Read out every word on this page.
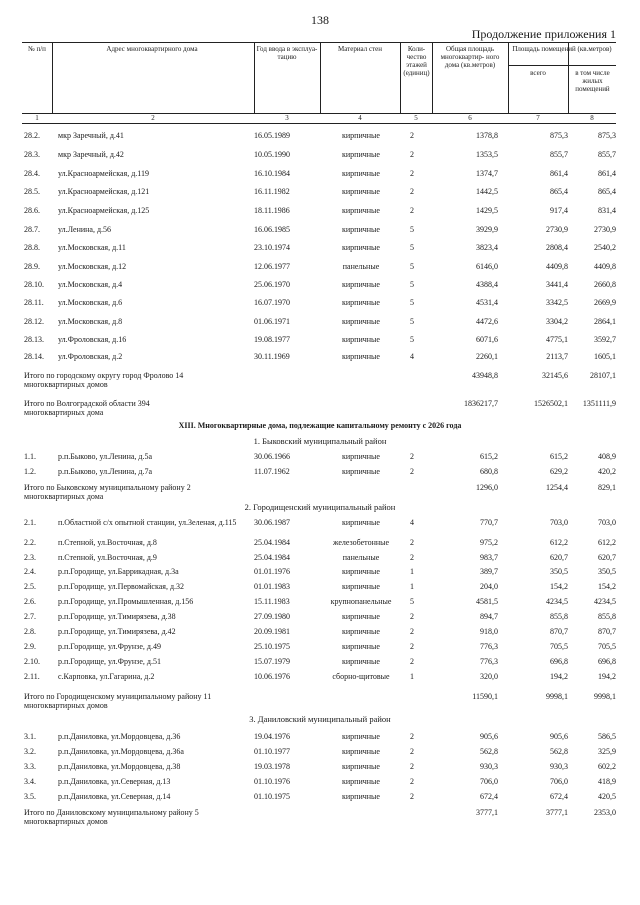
138
Продолжение приложения 1
№ п/п	Адрес многоквартирного дома	Год ввода в эксплуа- тацию
Материал стен	Коли- чество этажей (единиц)
Общая площадь многоквартир- ного дома (кв.метров)
Площадь помещений (кв.метров)
всего	в том числе жилых помещений
1	2	3	4	5	6	7	8
28.2.	мкр Заречный, д.41	16.05.1989	кирпичные	2	1378,8	875,3	875,3
28.3.	мкр Заречный, д.42	10.05.1990	кирпичные	2	1353,5	855,7	855,7
28.4.	ул.Красноармейская, д.119	16.10.1984	кирпичные	2	1374,7	861,4	861,4
28.5.	ул.Красноармейская, д.121	16.11.1982	кирпичные	2	1442,5	865,4	865,4
28.6.	ул.Красноармейская, д.125	18.11.1986	кирпичные	2	1429,5	917,4	831,4
28.7.	ул.Ленина, д.56	16.06.1985	кирпичные	5	3929,9	2730,9	2730,9
28.8.	ул.Московская, д.11	23.10.1974	кирпичные	5	3823,4	2808,4	2540,2
28.9.	ул.Московская, д.12	12.06.1977	панельные	5	6146,0	4409,8	4409,8
28.10.	ул.Московская, д.4	25.06.1970	кирпичные	5	4388,4	3441,4	2660,8
28.11.	ул.Московская, д.6	16.07.1970	кирпичные	5	4531,4	3342,5	2669,9
28.12.	ул.Московская, д.8	01.06.1971	кирпичные	5	4472,6	3304,2	2864,1
28.13.	ул.Фроловская, д.16	19.08.1977	кирпичные	5	6071,6	4775,1	3592,7
28.14.	ул.Фроловская, д.2	30.11.1969	кирпичные	4	2260,1	2113,7	1605,1
Итого по городскому округу город Фролово 14 многоквартирных домов
43948,8	32145,6	28107,1
Итого по Волгоградской области 394 многоквартирных дома
1836217,7	1526502,1	1351111,9
XIII. Многоквартирные дома, подлежащие капитальному ремонту с 2026 года
1. Быковский муниципальный район
1.1.	р.п.Быково, ул.Ленина, д.5а	30.06.1966	кирпичные	2	615,2	615,2	408,9
1.2.	р.п.Быково, ул.Ленина, д.7а	11.07.1962	кирпичные	2	680,8	629,2	420,2
Итого по Быковскому муниципальному району 2 многоквартирных дома
1296,0	1254,4	829,1
2. Городищенский муниципальный район
2.1.	п.Областной с/х опытной станции, ул.Зеленая, д.115	30.06.1987	кирпичные	4	770,7	703,0	703,0
2.2.	п.Степной, ул.Восточная, д.8	25.04.1984	железобетонные	2	975,2	612,2	612,2
2.3.	п.Степной, ул.Восточная, д.9	25.04.1984	панельные	2	983,7	620,7	620,7
2.4.	р.п.Городище, ул.Баррикадная, д.3а	01.01.1976	кирпичные	1	389,7	350,5	350,5
2.5.	р.п.Городище, ул.Первомайская, д.32	01.01.1983	кирпичные	1	204,0	154,2	154,2
2.6.	р.п.Городище, ул.Промышленная, д.156	15.11.1983	крупнопанельные	5	4581,5	4234,5	4234,5
2.7.	р.п.Городище, ул.Тимирязева, д.38	27.09.1980	кирпичные	2	894,7	855,8	855,8
2.8.	р.п.Городище, ул.Тимирязева, д.42	20.09.1981	кирпичные	2	918,0	870,7	870,7
2.9.	р.п.Городище, ул.Фрунзе, д.49	25.10.1975	кирпичные	2	776,3	705,5	705,5
2.10.	р.п.Городище, ул.Фрунзе, д.51	15.07.1979	кирпичные	2	776,3	696,8	696,8
2.11.	с.Карповка, ул.Гагарина, д.2	10.06.1976	сборно-щитовые	1	320,0	194,2	194,2
Итого по Городищенскому муниципальному району 11 многоквартирных домов
11590,1	9998,1	9998,1
3. Даниловский муниципальный район
3.1.	р.п.Даниловка, ул.Мордовцева, д.36	19.04.1976	кирпичные	2	905,6	905,6	586,5
3.2.	р.п.Даниловка, ул.Мордовцева, д.36а	01.10.1977	кирпичные	2	562,8	562,8	325,9
3.3.	р.п.Даниловка, ул.Мордовцева, д.38	19.03.1978	кирпичные	2	930,3	930,3	602,2
3.4.	р.п.Даниловка, ул.Северная, д.13	01.10.1976	кирпичные	2	706,0	706,0	418,9
3.5.	р.п.Даниловка, ул.Северная, д.14	01.10.1975	кирпичные	2	672,4	672,4	420,5
Итого по Даниловскому муниципальному району 5 многоквартирных домов
3777,1	3777,1	2353,0
